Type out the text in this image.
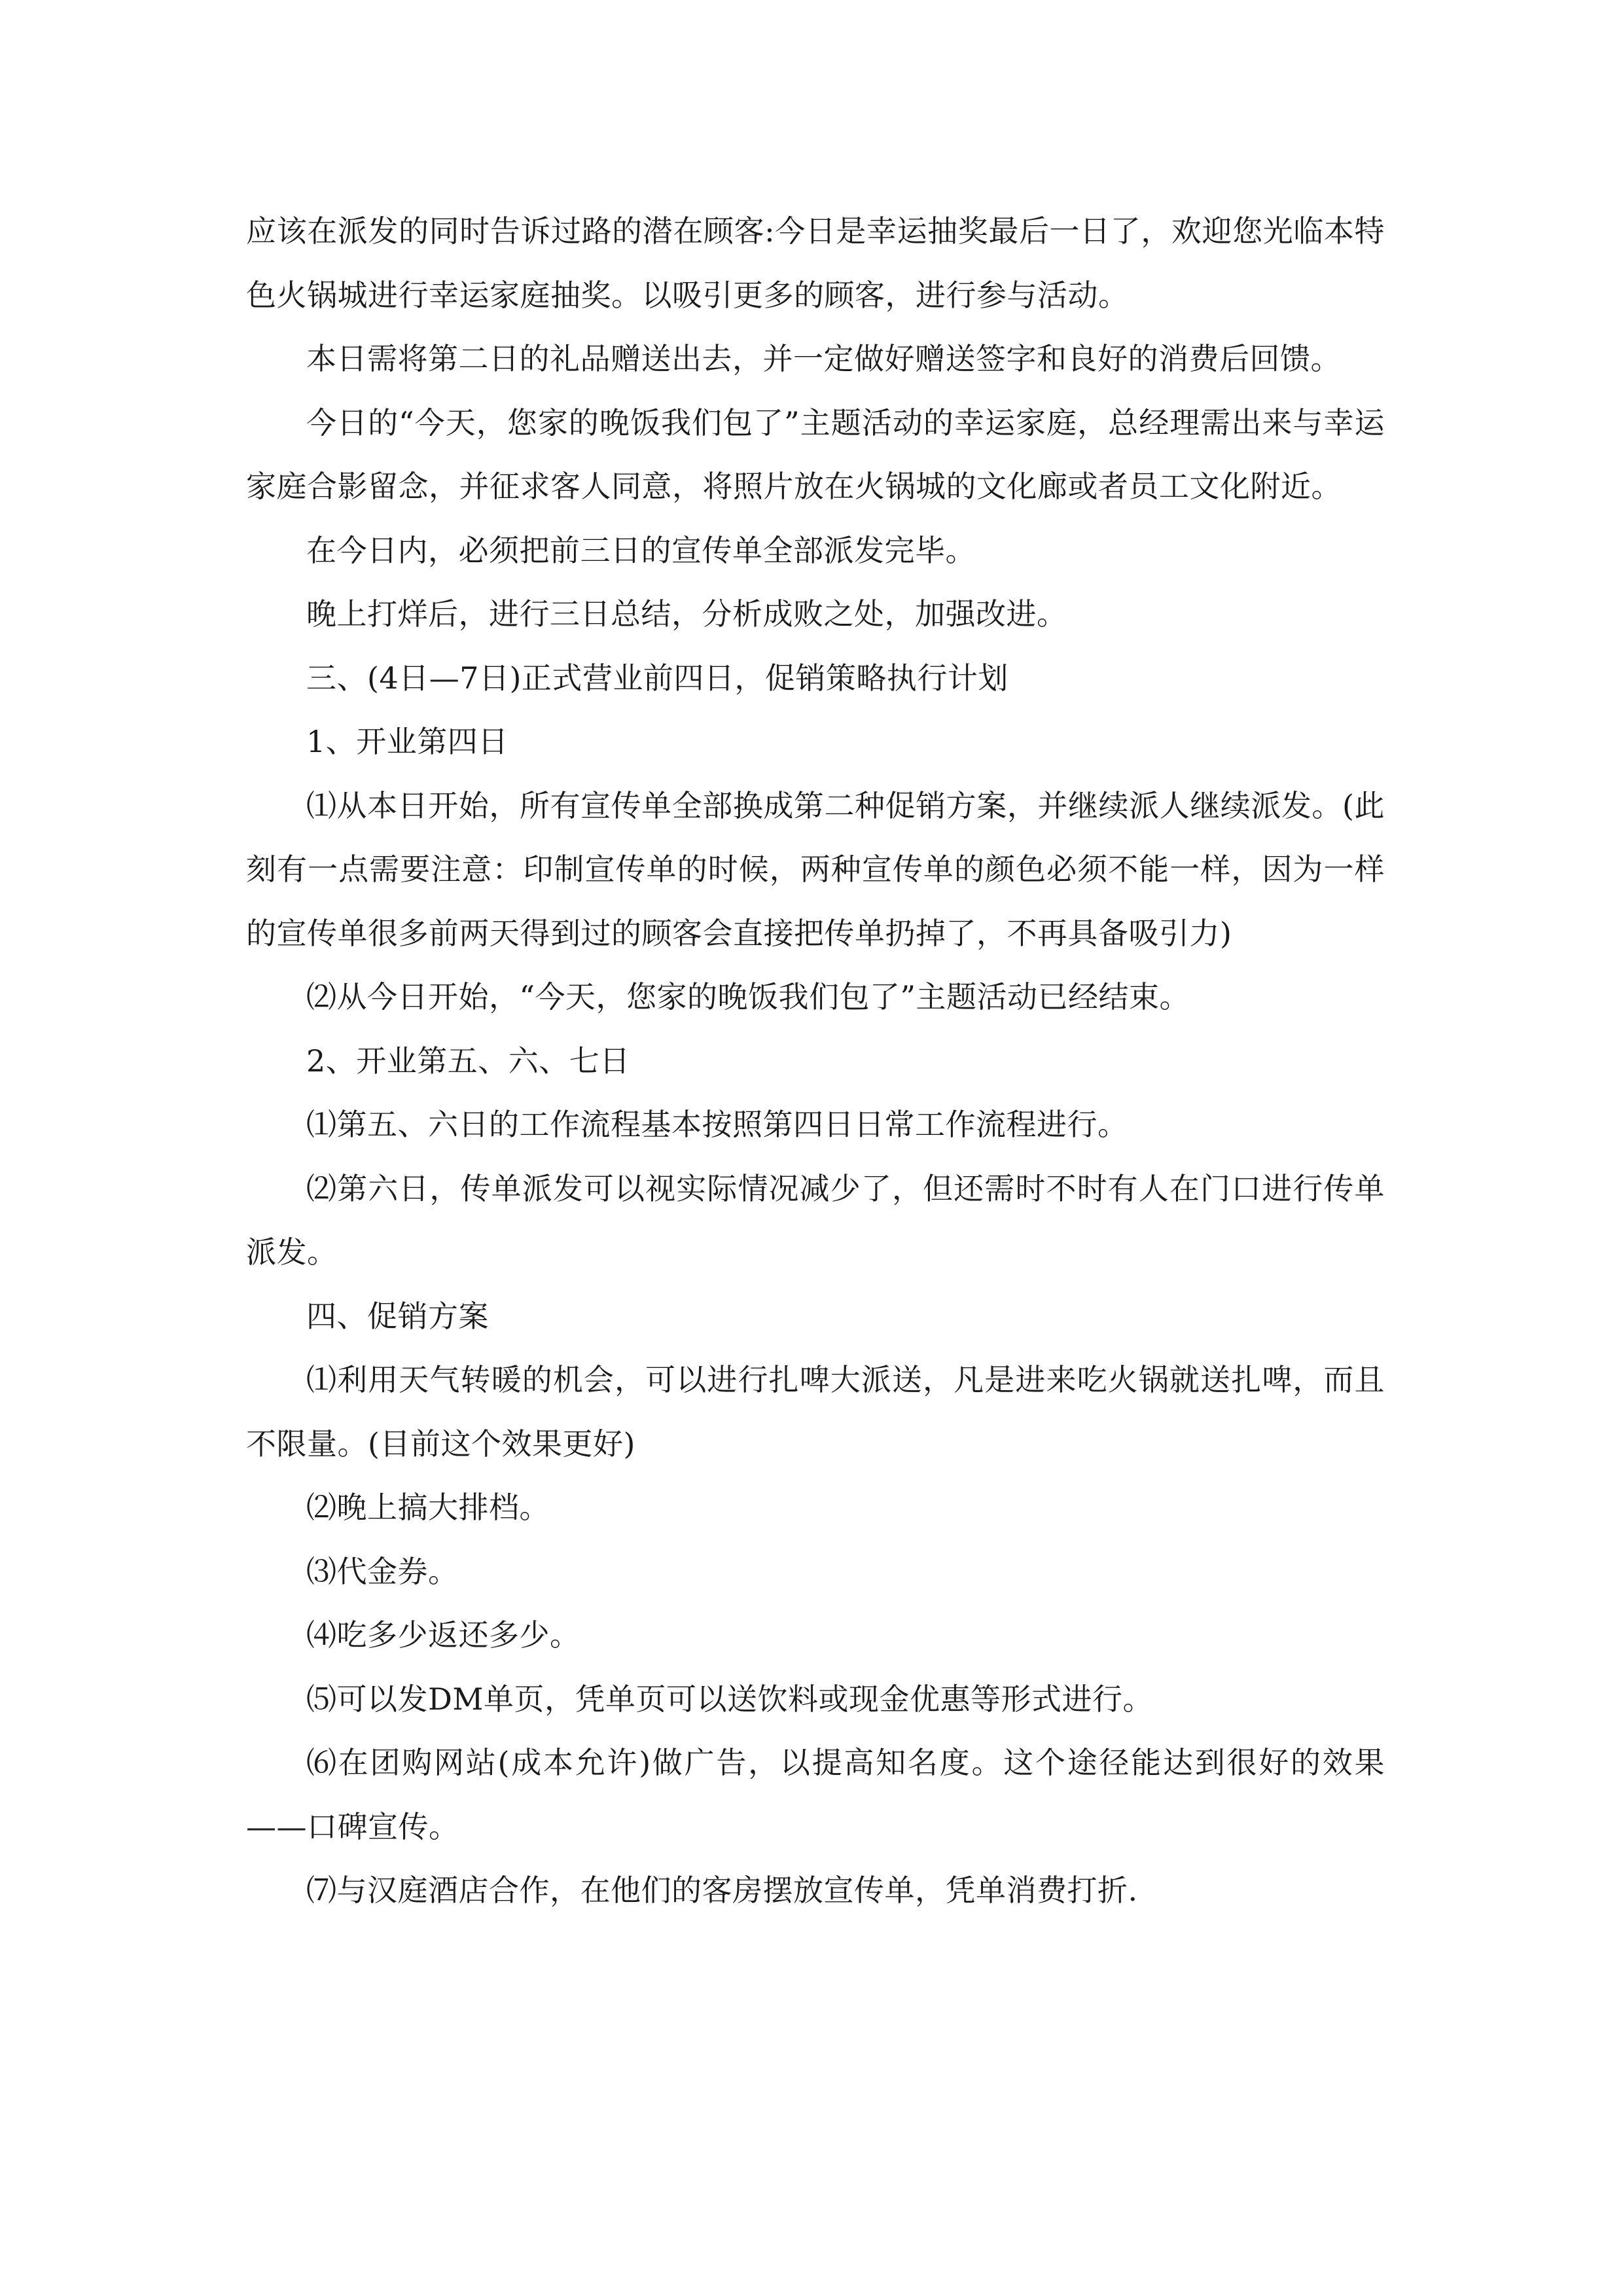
应该在派发的同时告诉过路的潜在顾客:今日是幸运抽奖最后一日了，欢迎您光临本特色火锅城进行幸运家庭抽奖。以吸引更多的顾客，进行参与活动。

本日需将第二日的礼品赠送出去，并一定做好赠送签字和良好的消费后回馈。

今日的“今天，您家的晚饭我们包了”主题活动的幸运家庭，总经理需出来与幸运家庭合影留念，并征求客人同意，将照片放在火锅城的文化廊或者员工文化附近。

在今日内，必须把前三日的宣传单全部派发完毕。

晚上打烊后，进行三日总结，分析成败之处，加强改进。

三、(4日—7日)正式营业前四日，促销策略执行计划

1、开业第四日

⑴从本日开始，所有宣传单全部换成第二种促销方案，并继续派人继续派发。(此刻有一点需要注意：印制宣传单的时候，两种宣传单的颜色必须不能一样，因为一样的宣传单很多前两天得到过的顾客会直接把传单扔掉了，不再具备吸引力)

⑵从今日开始，“今天，您家的晚饭我们包了”主题活动已经结束。

2、开业第五、六、七日

⑴第五、六日的工作流程基本按照第四日日常工作流程进行。

⑵第六日，传单派发可以视实际情况减少了，但还需时不时有人在门口进行传单派发。

四、促销方案

⑴利用天气转暖的机会，可以进行扎啤大派送，凡是进来吃火锅就送扎啤，而且不限量。(目前这个效果更好)

⑵晚上搞大排档。

⑶代金券。

⑷吃多少返还多少。

⑸可以发DM单页，凭单页可以送饮料或现金优惠等形式进行。

⑹在团购网站(成本允许)做广告，以提高知名度。这个途径能达到很好的效果——口碑宣传。

⑺与汉庭酒店合作，在他们的客房摆放宣传单，凭单消费打折.
